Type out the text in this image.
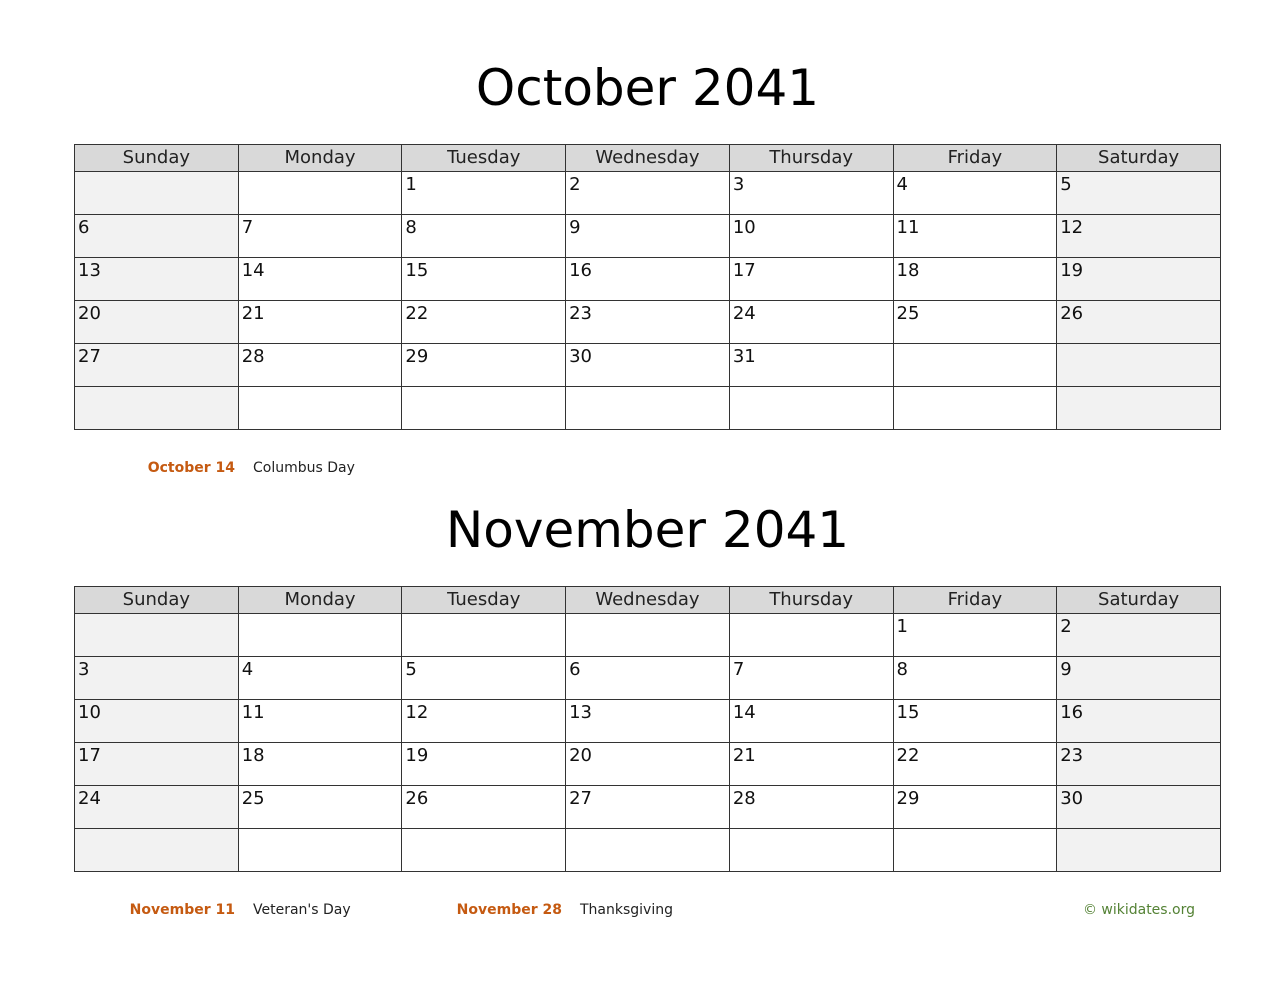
October 2041
Sunday	Monday	Tuesday	Wednesday	Thursday	Friday	Saturday

		1	2	3	4	5

6	7	8	9	10	11	12

13	14	15	16	17	18	19

20	21	22	23	24	25	26

27	28	29	30	31		

October 14 Columbus Day
November 2041
Sunday	Monday	Tuesday	Wednesday	Thursday	Friday	Saturday

					1	2

3	4	5	6	7	8	9

10	11	12	13	14	15	16

17	18	19	20	21	22	23

24	25	26	27	28	29	30

November 11 Veteran's Day	November 28 Thanksgiving	© wikidates.org
